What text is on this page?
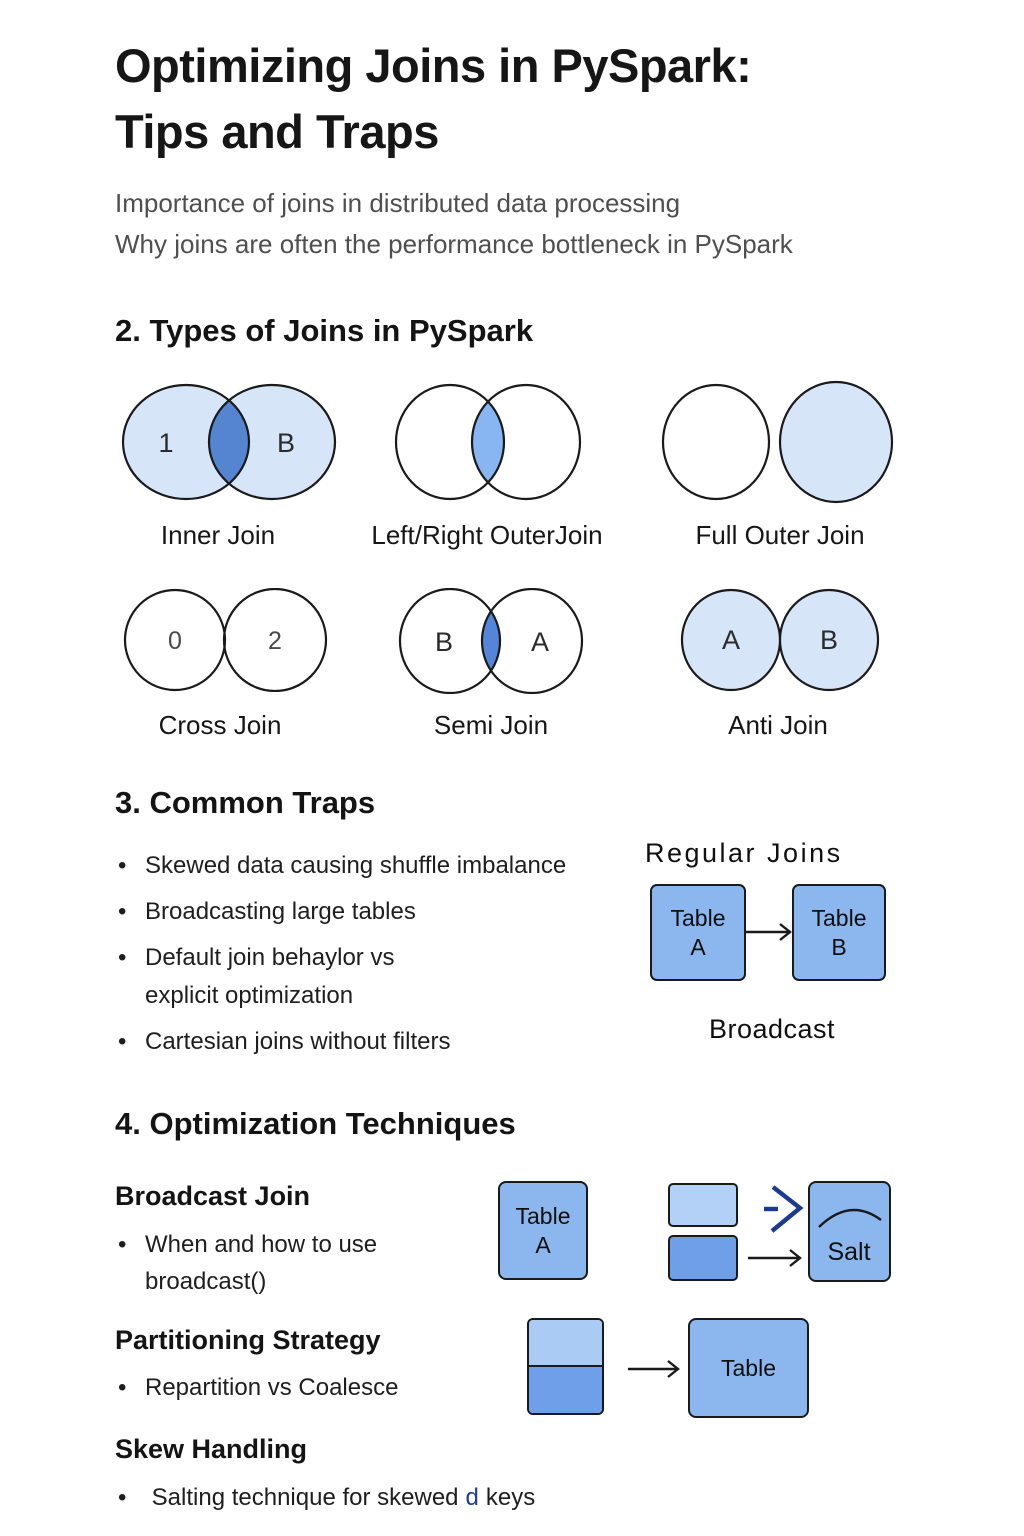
Optimizing Joins in PySpark:
Tips and Traps
Importance of joins in distributed data processing
Why joins are often the performance bottleneck in PySpark
2. Types of Joins in PySpark
1	B
Inner Join	Left/Right OuterJoin	Full Outer Join
0	2	B	A	A	B
Cross Join	Semi Join	Anti Join
3. Common Traps
• Skewed data causing shuffle imbalance
• Broadcasting large tables
• Default join behaylor vs
explicit optimization
• Cartesian joins without filters
Regular Joins
Table
A
Table
B
Broadcast
4. Optimization Techniques
Broadcast Join
• When and how to use
broadcast()
Table
A	Salt
Partitioning Strategy
• Repartition vs Coalesce
Table
Skew Handling
• Salting technique for skewed d keys
